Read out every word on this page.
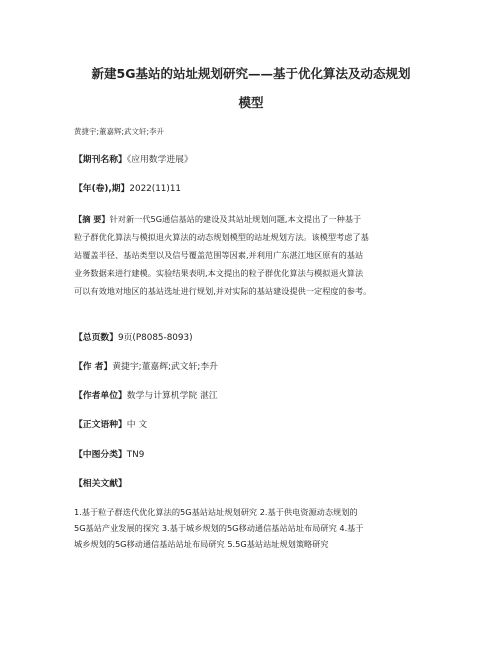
新建5G基站的站址规划研究——基于优化算法及动态规划
模型
黄捷宇;董嘉辉;武文轩;李升
【期刊名称】《应用数学进展》
【年(卷),期】2022(11)11
【摘 要】针对新一代5G通信基站的建设及其站址规划问题,本文提出了一种基于
粒子群优化算法与模拟退火算法的动态规划模型的站址规划方法。该模型考虑了基
站覆盖半径、基站类型以及信号覆盖范围等因素,并利用广东湛江地区原有的基站
业务数据来进行建模。实验结果表明,本文提出的粒子群优化算法与模拟退火算法
可以有效地对地区的基站选址进行规划,并对实际的基站建设提供一定程度的参考。
【总页数】9页(P8085-8093)
【作 者】黄捷宇;董嘉辉;武文轩;李升
【作者单位】数学与计算机学院 湛江
【正文语种】中 文
【中图分类】TN9
【相关文献】
1.基于粒子群迭代优化算法的5G基站站址规划研究 2.基于供电资源动态规划的
5G基站产业发展的探究 3.基于城乡规划的5G移动通信基站站址布局研究 4.基于
城乡规划的5G移动通信基站站址布局研究 5.5G基站站址规划策略研究
